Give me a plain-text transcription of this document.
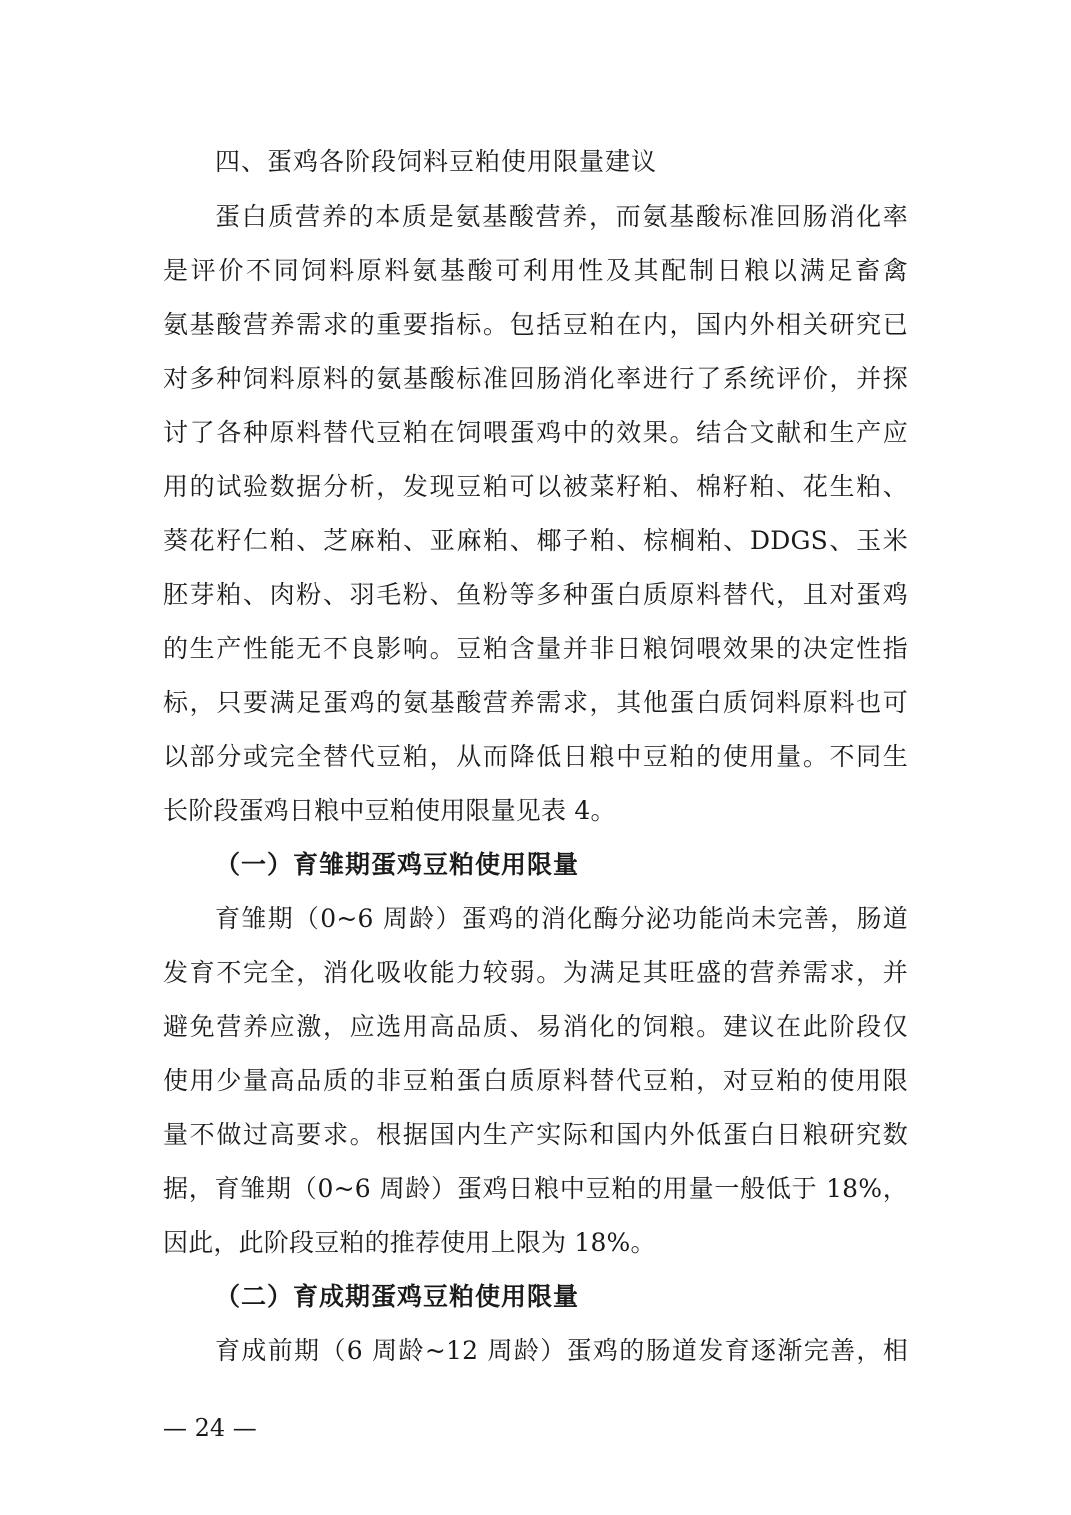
四、蛋鸡各阶段饲料豆粕使用限量建议

蛋白质营养的本质是氨基酸营养，而氨基酸标准回肠消化率

是评价不同饲料原料氨基酸可利用性及其配制日粮以满足畜禽

氨基酸营养需求的重要指标。包括豆粕在内，国内外相关研究已

对多种饲料原料的氨基酸标准回肠消化率进行了系统评价，并探

讨了各种原料替代豆粕在饲喂蛋鸡中的效果。结合文献和生产应

用的试验数据分析，发现豆粕可以被菜籽粕、棉籽粕、花生粕、

葵花籽仁粕、芝麻粕、亚麻粕、椰子粕、棕榈粕、DDGS、玉米

胚芽粕、肉粉、羽毛粉、鱼粉等多种蛋白质原料替代，且对蛋鸡

的生产性能无不良影响。豆粕含量并非日粮饲喂效果的决定性指

标，只要满足蛋鸡的氨基酸营养需求，其他蛋白质饲料原料也可

以部分或完全替代豆粕，从而降低日粮中豆粕的使用量。不同生

长阶段蛋鸡日粮中豆粕使用限量见表 4。

（一）育雏期蛋鸡豆粕使用限量

育雏期（0~6 周龄）蛋鸡的消化酶分泌功能尚未完善，肠道

发育不完全，消化吸收能力较弱。为满足其旺盛的营养需求，并

避免营养应激，应选用高品质、易消化的饲粮。建议在此阶段仅

使用少量高品质的非豆粕蛋白质原料替代豆粕，对豆粕的使用限

量不做过高要求。根据国内生产实际和国内外低蛋白日粮研究数

据，育雏期（0~6 周龄）蛋鸡日粮中豆粕的用量一般低于 18%，

因此，此阶段豆粕的推荐使用上限为 18%。

（二）育成期蛋鸡豆粕使用限量

育成前期（6 周龄~12 周龄）蛋鸡的肠道发育逐渐完善，相

— 24 —
